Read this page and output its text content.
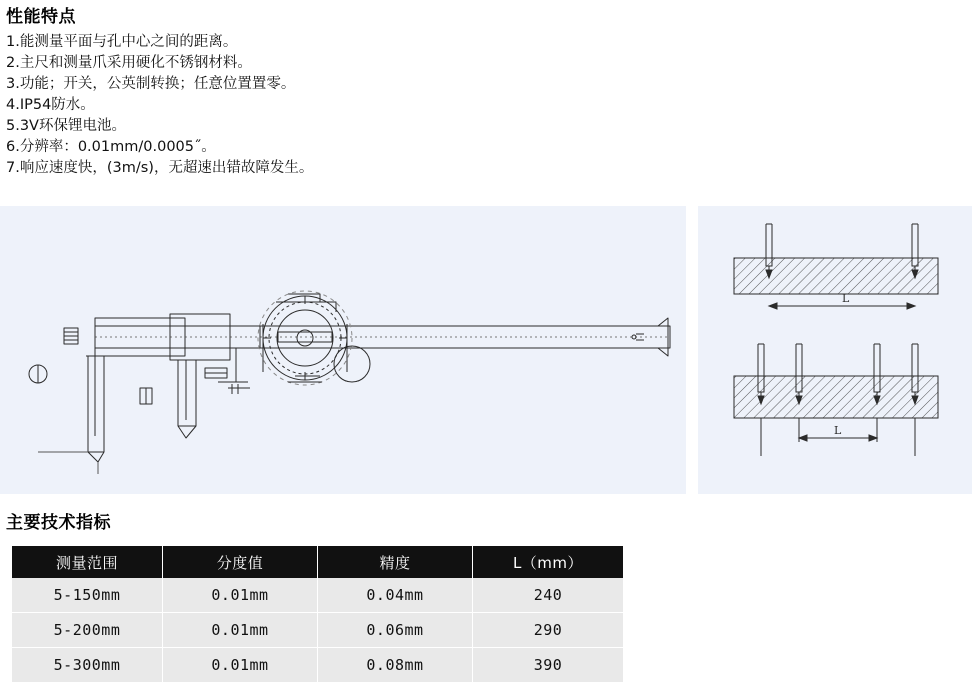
性能特点
1.能测量平面与孔中心之间的距离。
2.主尺和测量爪采用硬化不锈钢材料。
3.功能；开关，公英制转换；任意位置置零。
4.IP54防水。
5.3V环保锂电池。
6.分辨率：0.01mm/0.0005˝。
7.响应速度快，(3m/s)，无超速出错故障发生。
L
L
主要技术指标
测量范围	分度值	精度	L（mm）
5-150mm	0.01mm	0.04mm	240
5-200mm	0.01mm	0.06mm	290
5-300mm	0.01mm	0.08mm	390
